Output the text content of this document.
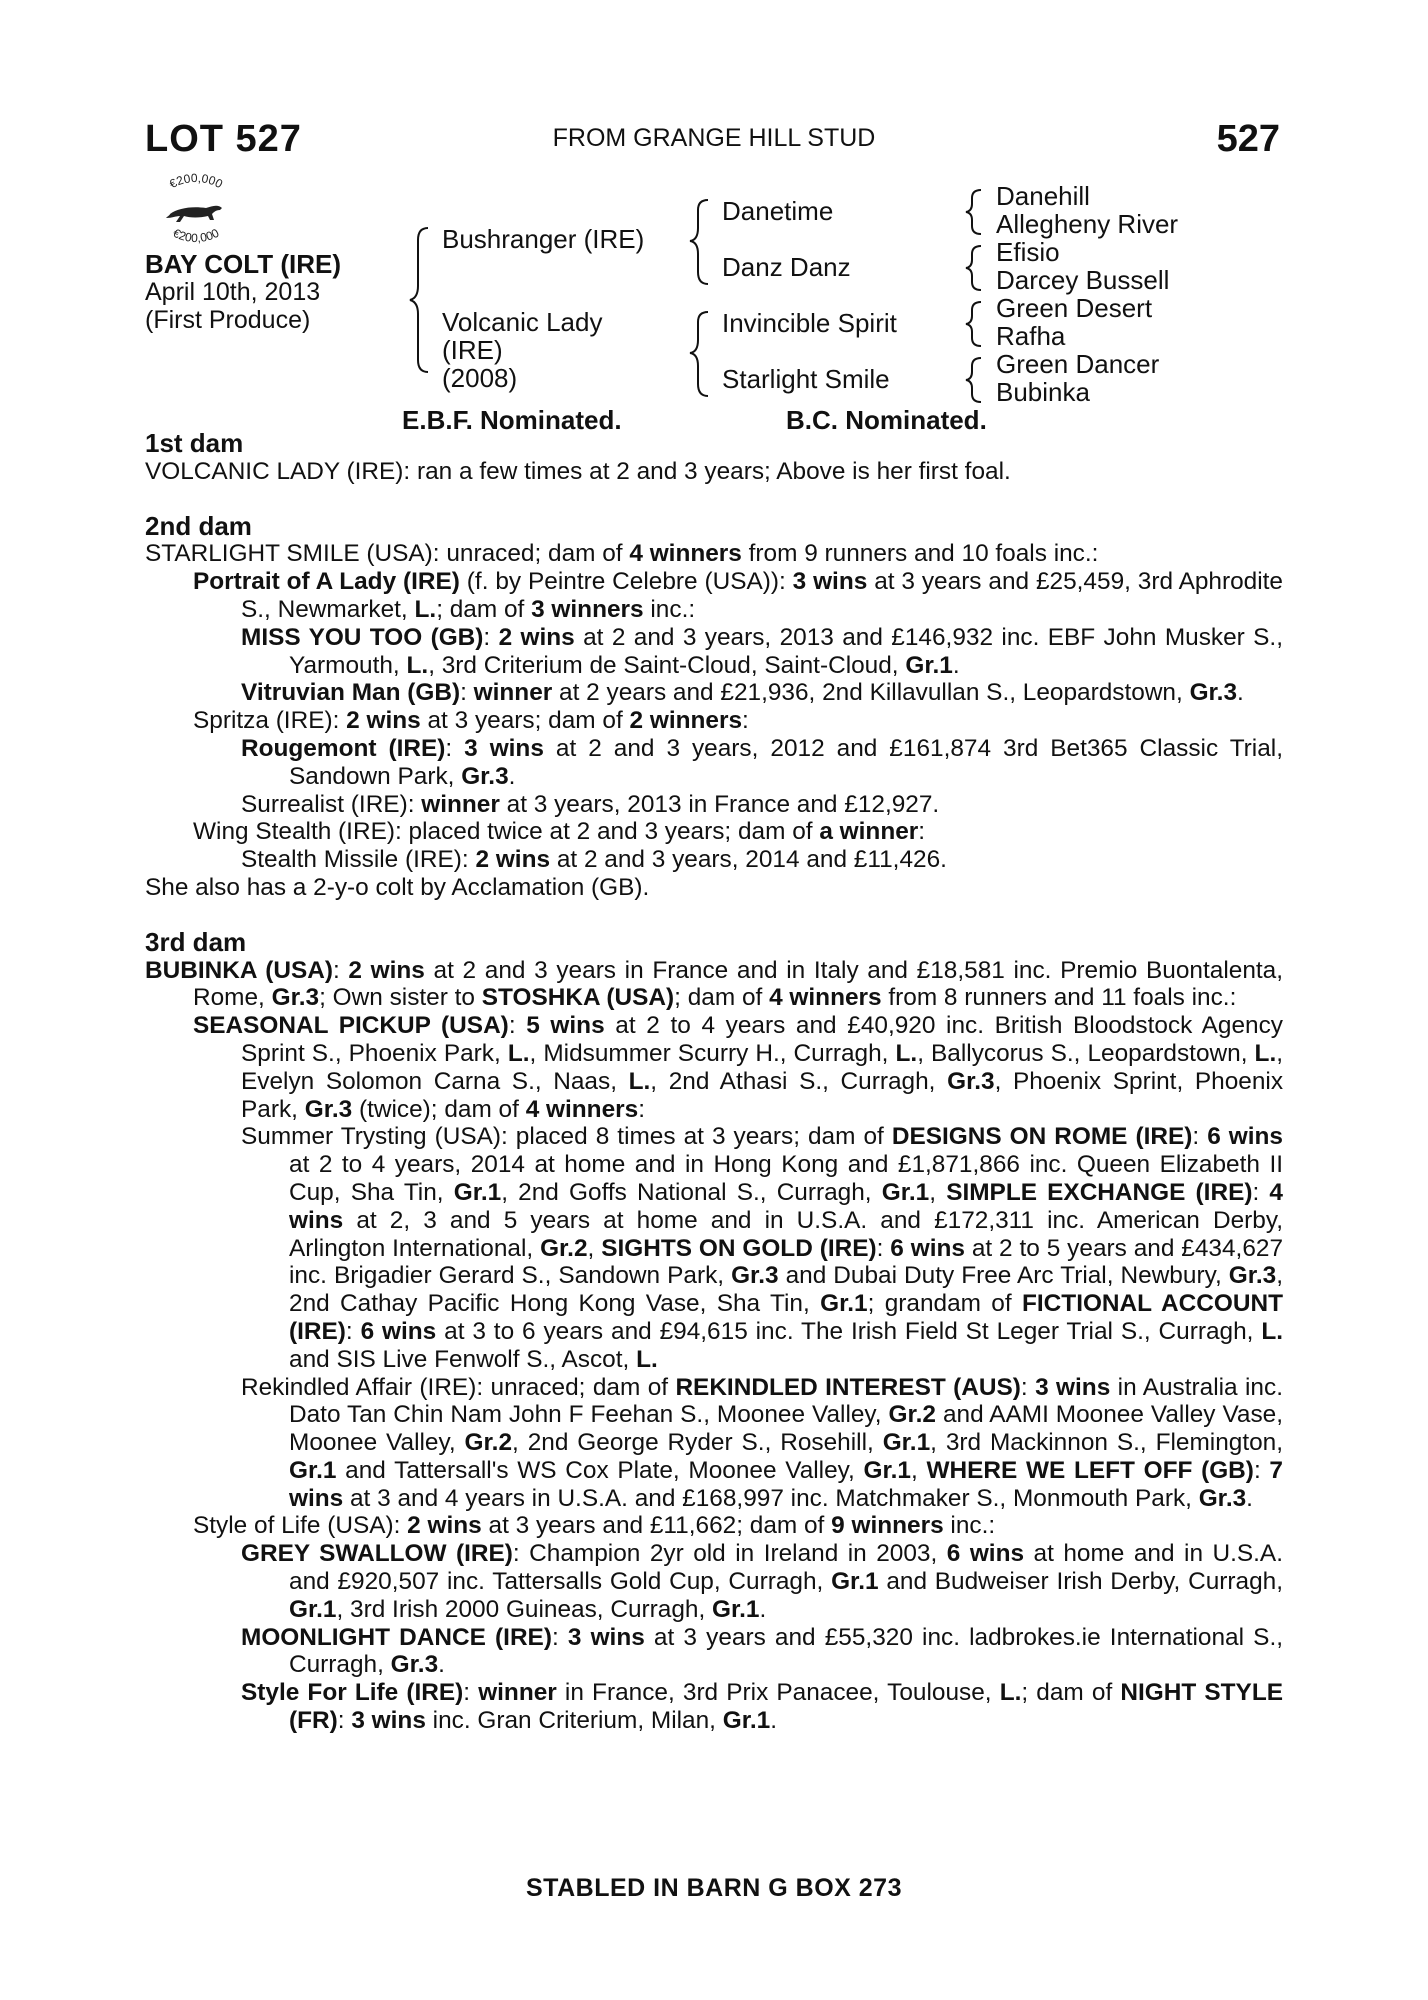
LOT 527	FROM GRANGE HILL STUD	527
€200,000
€200,000
BAY COLT (IRE)
April 10th, 2013
(First Produce)
Bushranger (IRE)
Volcanic Lady
(IRE)
(2008)
Danetime
Danz Danz
Invincible Spirit
Starlight Smile
Danehill
Allegheny River
Efisio
Darcey Bussell
Green Desert
Rafha
Green Dancer
Bubinka
E.B.F. Nominated.	B.C. Nominated.
1st dam

VOLCANIC LADY (IRE): ran a few times at 2 and 3 years; Above is her first foal.

2nd dam

STARLIGHT SMILE (USA): unraced; dam of 4 winners from 9 runners and 10 foals inc.:

Portrait of A Lady (IRE) (f. by Peintre Celebre (USA)): 3 wins at 3 years and £25,459, 3rd Aphrodite S., Newmarket, L.; dam of 3 winners inc.:

MISS YOU TOO (GB): 2 wins at 2 and 3 years, 2013 and £146,932 inc. EBF John Musker S., Yarmouth, L., 3rd Criterium de Saint-Cloud, Saint-Cloud, Gr.1.

Vitruvian Man (GB): winner at 2 years and £21,936, 2nd Killavullan S., Leopardstown, Gr.3.

Spritza (IRE): 2 wins at 3 years; dam of 2 winners:

Rougemont (IRE): 3 wins at 2 and 3 years, 2012 and £161,874 3rd Bet365 Classic Trial, Sandown Park, Gr.3.

Surrealist (IRE): winner at 3 years, 2013 in France and £12,927.

Wing Stealth (IRE): placed twice at 2 and 3 years; dam of a winner:

Stealth Missile (IRE): 2 wins at 2 and 3 years, 2014 and £11,426.

She also has a 2-y-o colt by Acclamation (GB).

3rd dam

BUBINKA (USA): 2 wins at 2 and 3 years in France and in Italy and £18,581 inc. Premio Buontalenta, Rome, Gr.3; Own sister to STOSHKA (USA); dam of 4 winners from 8 runners and 11 foals inc.:

SEASONAL PICKUP (USA): 5 wins at 2 to 4 years and £40,920 inc. British Bloodstock Agency Sprint S., Phoenix Park, L., Midsummer Scurry H., Curragh, L., Ballycorus S., Leopardstown, L., Evelyn Solomon Carna S., Naas, L., 2nd Athasi S., Curragh, Gr.3, Phoenix Sprint, Phoenix Park, Gr.3 (twice); dam of 4 winners:

Summer Trysting (USA): placed 8 times at 3 years; dam of DESIGNS ON ROME (IRE): 6 wins at 2 to 4 years, 2014 at home and in Hong Kong and £1,871,866 inc. Queen Elizabeth II Cup, Sha Tin, Gr.1, 2nd Goffs National S., Curragh, Gr.1, SIMPLE EXCHANGE (IRE): 4 wins at 2, 3 and 5 years at home and in U.S.A. and £172,311 inc. American Derby, Arlington International, Gr.2, SIGHTS ON GOLD (IRE): 6 wins at 2 to 5 years and £434,627 inc. Brigadier Gerard S., Sandown Park, Gr.3 and Dubai Duty Free Arc Trial, Newbury, Gr.3, 2nd Cathay Pacific Hong Kong Vase, Sha Tin, Gr.1; grandam of FICTIONAL ACCOUNT (IRE): 6 wins at 3 to 6 years and £94,615 inc. The Irish Field St Leger Trial S., Curragh, L. and SIS Live Fenwolf S., Ascot, L.

Rekindled Affair (IRE): unraced; dam of REKINDLED INTEREST (AUS): 3 wins in Australia inc. Dato Tan Chin Nam John F Feehan S., Moonee Valley, Gr.2 and AAMI Moonee Valley Vase, Moonee Valley, Gr.2, 2nd George Ryder S., Rosehill, Gr.1, 3rd Mackinnon S., Flemington, Gr.1 and Tattersall's WS Cox Plate, Moonee Valley, Gr.1, WHERE WE LEFT OFF (GB): 7 wins at 3 and 4 years in U.S.A. and £168,997 inc. Matchmaker S., Monmouth Park, Gr.3.

Style of Life (USA): 2 wins at 3 years and £11,662; dam of 9 winners inc.:

GREY SWALLOW (IRE): Champion 2yr old in Ireland in 2003, 6 wins at home and in U.S.A. and £920,507 inc. Tattersalls Gold Cup, Curragh, Gr.1 and Budweiser Irish Derby, Curragh, Gr.1, 3rd Irish 2000 Guineas, Curragh, Gr.1.

MOONLIGHT DANCE (IRE): 3 wins at 3 years and £55,320 inc. ladbrokes.ie International S., Curragh, Gr.3.

Style For Life (IRE): winner in France, 3rd Prix Panacee, Toulouse, L.; dam of NIGHT STYLE (FR): 3 wins inc. Gran Criterium, Milan, Gr.1.

STABLED IN BARN G BOX 273
